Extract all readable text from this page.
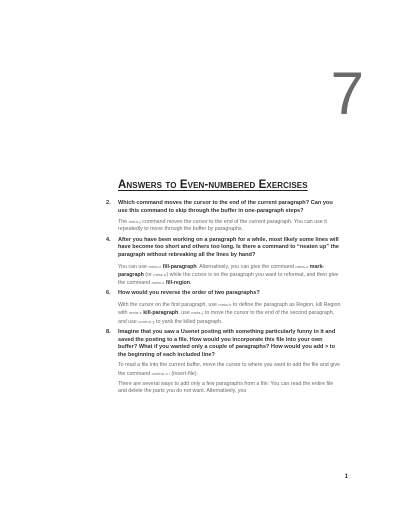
7
Answers to Even-numbered Exercises
2. Which command moves the cursor to the end of the current paragraph? Can you use this command to skip through the buffer in one-paragraph steps?

The meta-} command moves the cursor to the end of the current paragraph. You can use it repeatedly to move through the buffer by paragraphs.

4. After you have been working on a paragraph for a while, most likely some lines will have become too short and others too long. Is there a command to “neaten up” the paragraph without rebreaking all the lines by hand?

You can use meta-x fill-paragraph. Alternatively, you can give the command meta-x mark-paragraph (or meta-h) while the cursor is on the paragraph you want to reformat, and then give the command meta-x fill-region.

6. How would you reverse the order of two paragraphs?

With the cursor on the first paragraph, use meta-h to define the paragraph as Region, kill Region with meta-x kill-paragraph, use meta-} to move the cursor to the end of the second paragraph, and use control-y to yank the killed paragraph.

8. Imagine that you saw a Usenet posting with something particularly funny in it and saved the posting to a file. How would you incorporate this file into your own buffer? What if you wanted only a couple of paragraphs? How would you add > to the beginning of each included line?

To read a file into the current buffer, move the cursor to where you want to add the file and give the command control-x i (insert-file).

There are several ways to add only a few paragraphs from a file: You can read the entire file and delete the parts you do not want. Alternatively, you

1
